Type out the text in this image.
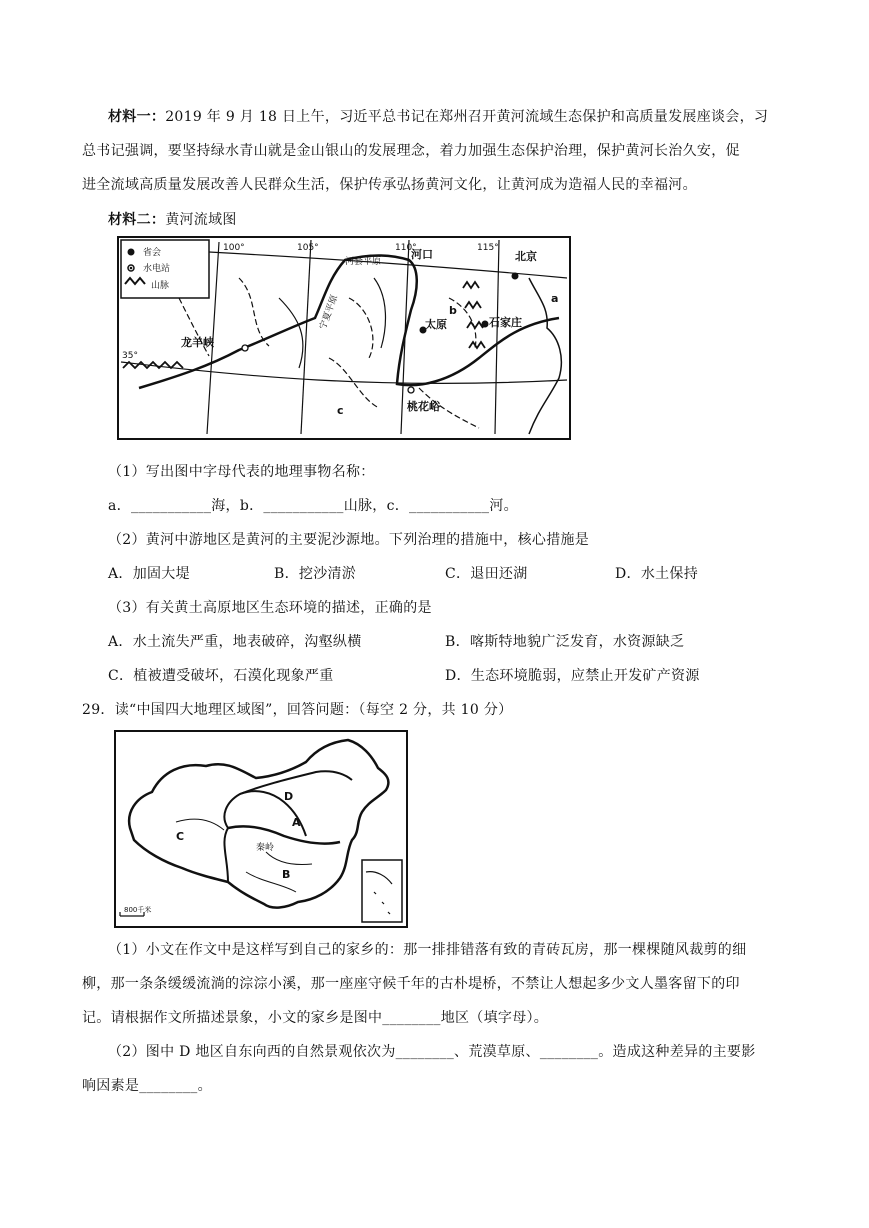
材料一：2019 年 9 月 18 日上午，习近平总书记在郑州召开黄河流域生态保护和高质量发展座谈会，习
总书记强调，要坚持绿水青山就是金山银山的发展理念，着力加强生态保护治理，保护黄河长治久安，促
进全流域高质量发展改善人民群众生活，保护传承弘扬黄河文化，让黄河成为造福人民的幸福河。
材料二：黄河流域图
省会
水电站
山脉
100°	105°	110°	115°
35°
龙羊峡
太原	石家庄
北京
桃花峪
河口
宁夏平原
河套平原
a
b
c
（1）写出图中字母代表的地理事物名称：
a．___________海，b．___________山脉，c．___________河。
（2）黄河中游地区是黄河的主要泥沙源地。下列治理的措施中，核心措施是
A．加固大堤	B．挖沙清淤	C．退田还湖	D．水土保持
（3）有关黄土高原地区生态环境的描述，正确的是
A．水土流失严重，地表破碎，沟壑纵横	B．喀斯特地貌广泛发育，水资源缺乏
C．植被遭受破坏，石漠化现象严重	D．生态环境脆弱，应禁止开发矿产资源
29．读“中国四大地理区域图”，回答问题：（每空 2 分，共 10 分）
A
B
C
D
秦岭
800千米
（1）小文在作文中是这样写到自己的家乡的：那一排排错落有致的青砖瓦房，那一棵棵随风裁剪的细
柳，那一条条缓缓流淌的淙淙小溪，那一座座守候千年的古朴堤桥，不禁让人想起多少文人墨客留下的印
记。请根据作文所描述景象，小文的家乡是图中________地区（填字母）。
（2）图中 D 地区自东向西的自然景观依次为________、荒漠草原、________。造成这种差异的主要影
响因素是________。
